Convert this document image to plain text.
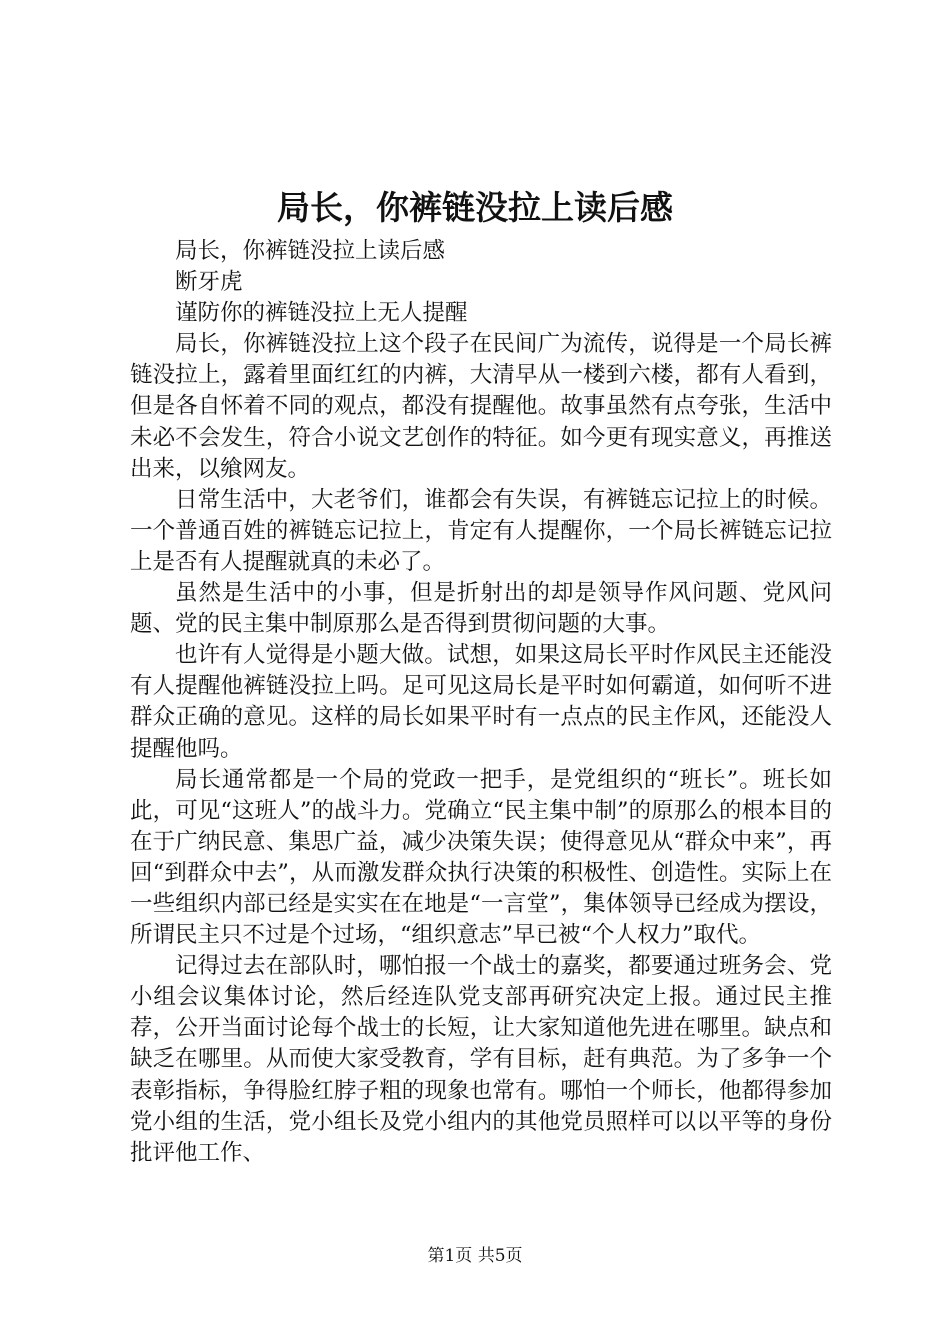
局长，你裤链没拉上读后感

局长，你裤链没拉上读后感

断牙虎

谨防你的裤链没拉上无人提醒

局长，你裤链没拉上这个段子在民间广为流传，说得是一个局长裤链没拉上，露着里面红红的内裤，大清早从一楼到六楼，都有人看到，但是各自怀着不同的观点，都没有提醒他。故事虽然有点夸张，生活中未必不会发生，符合小说文艺创作的特征。如今更有现实意义，再推送出来，以飨网友。

日常生活中，大老爷们，谁都会有失误，有裤链忘记拉上的时候。一个普通百姓的裤链忘记拉上，肯定有人提醒你，一个局长裤链忘记拉上是否有人提醒就真的未必了。

虽然是生活中的小事，但是折射出的却是领导作风问题、党风问题、党的民主集中制原那么是否得到贯彻问题的大事。

也许有人觉得是小题大做。试想，如果这局长平时作风民主还能没有人提醒他裤链没拉上吗。足可见这局长是平时如何霸道，如何听不进群众正确的意见。这样的局长如果平时有一点点的民主作风，还能没人提醒他吗。

局长通常都是一个局的党政一把手，是党组织的“班长”。班长如此，可见“这班人”的战斗力。党确立“民主集中制”的原那么的根本目的在于广纳民意、集思广益，减少决策失误；使得意见从“群众中来”，再回“到群众中去”，从而激发群众执行决策的积极性、创造性。实际上在一些组织内部已经是实实在在地是“一言堂”，集体领导已经成为摆设，所谓民主只不过是个过场，“组织意志”早已被“个人权力”取代。

记得过去在部队时，哪怕报一个战士的嘉奖，都要通过班务会、党小组会议集体讨论，然后经连队党支部再研究决定上报。通过民主推荐，公开当面讨论每个战士的长短，让大家知道他先进在哪里。缺点和缺乏在哪里。从而使大家受教育，学有目标，赶有典范。为了多争一个表彰指标，争得脸红脖子粗的现象也常有。哪怕一个师长，他都得参加党小组的生活，党小组长及党小组内的其他党员照样可以以平等的身份批评他工作、

第1页 共5页
